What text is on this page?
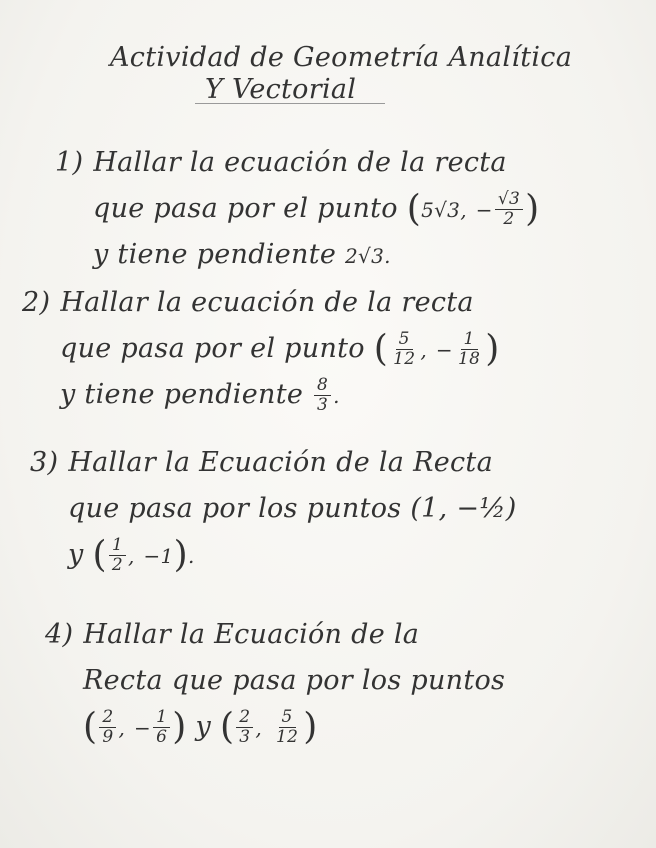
Actividad de Geometría Analítica
Y Vectorial
1) Hallar la ecuación de la recta
que pasa por el punto (5√3, − $\frac{√3}{2}$ )
y tiene pendiente 2√3.
2) Hallar la ecuación de la recta
que pasa por el punto ( $\frac{5}{12}$ , − $\frac{1}{18}$ )
y tiene pendiente $\frac{8}{3}$ .
3) Hallar la Ecuación de la Recta
que pasa por los puntos (1, −½)
y ( $\frac{1}{2}$ , −1).
4) Hallar la Ecuación de la
Recta que pasa por los puntos
( $\frac{2}{9}$ , − $\frac{1}{6}$ ) y ( $\frac{2}{3}$ , $\frac{5}{12}$ )
